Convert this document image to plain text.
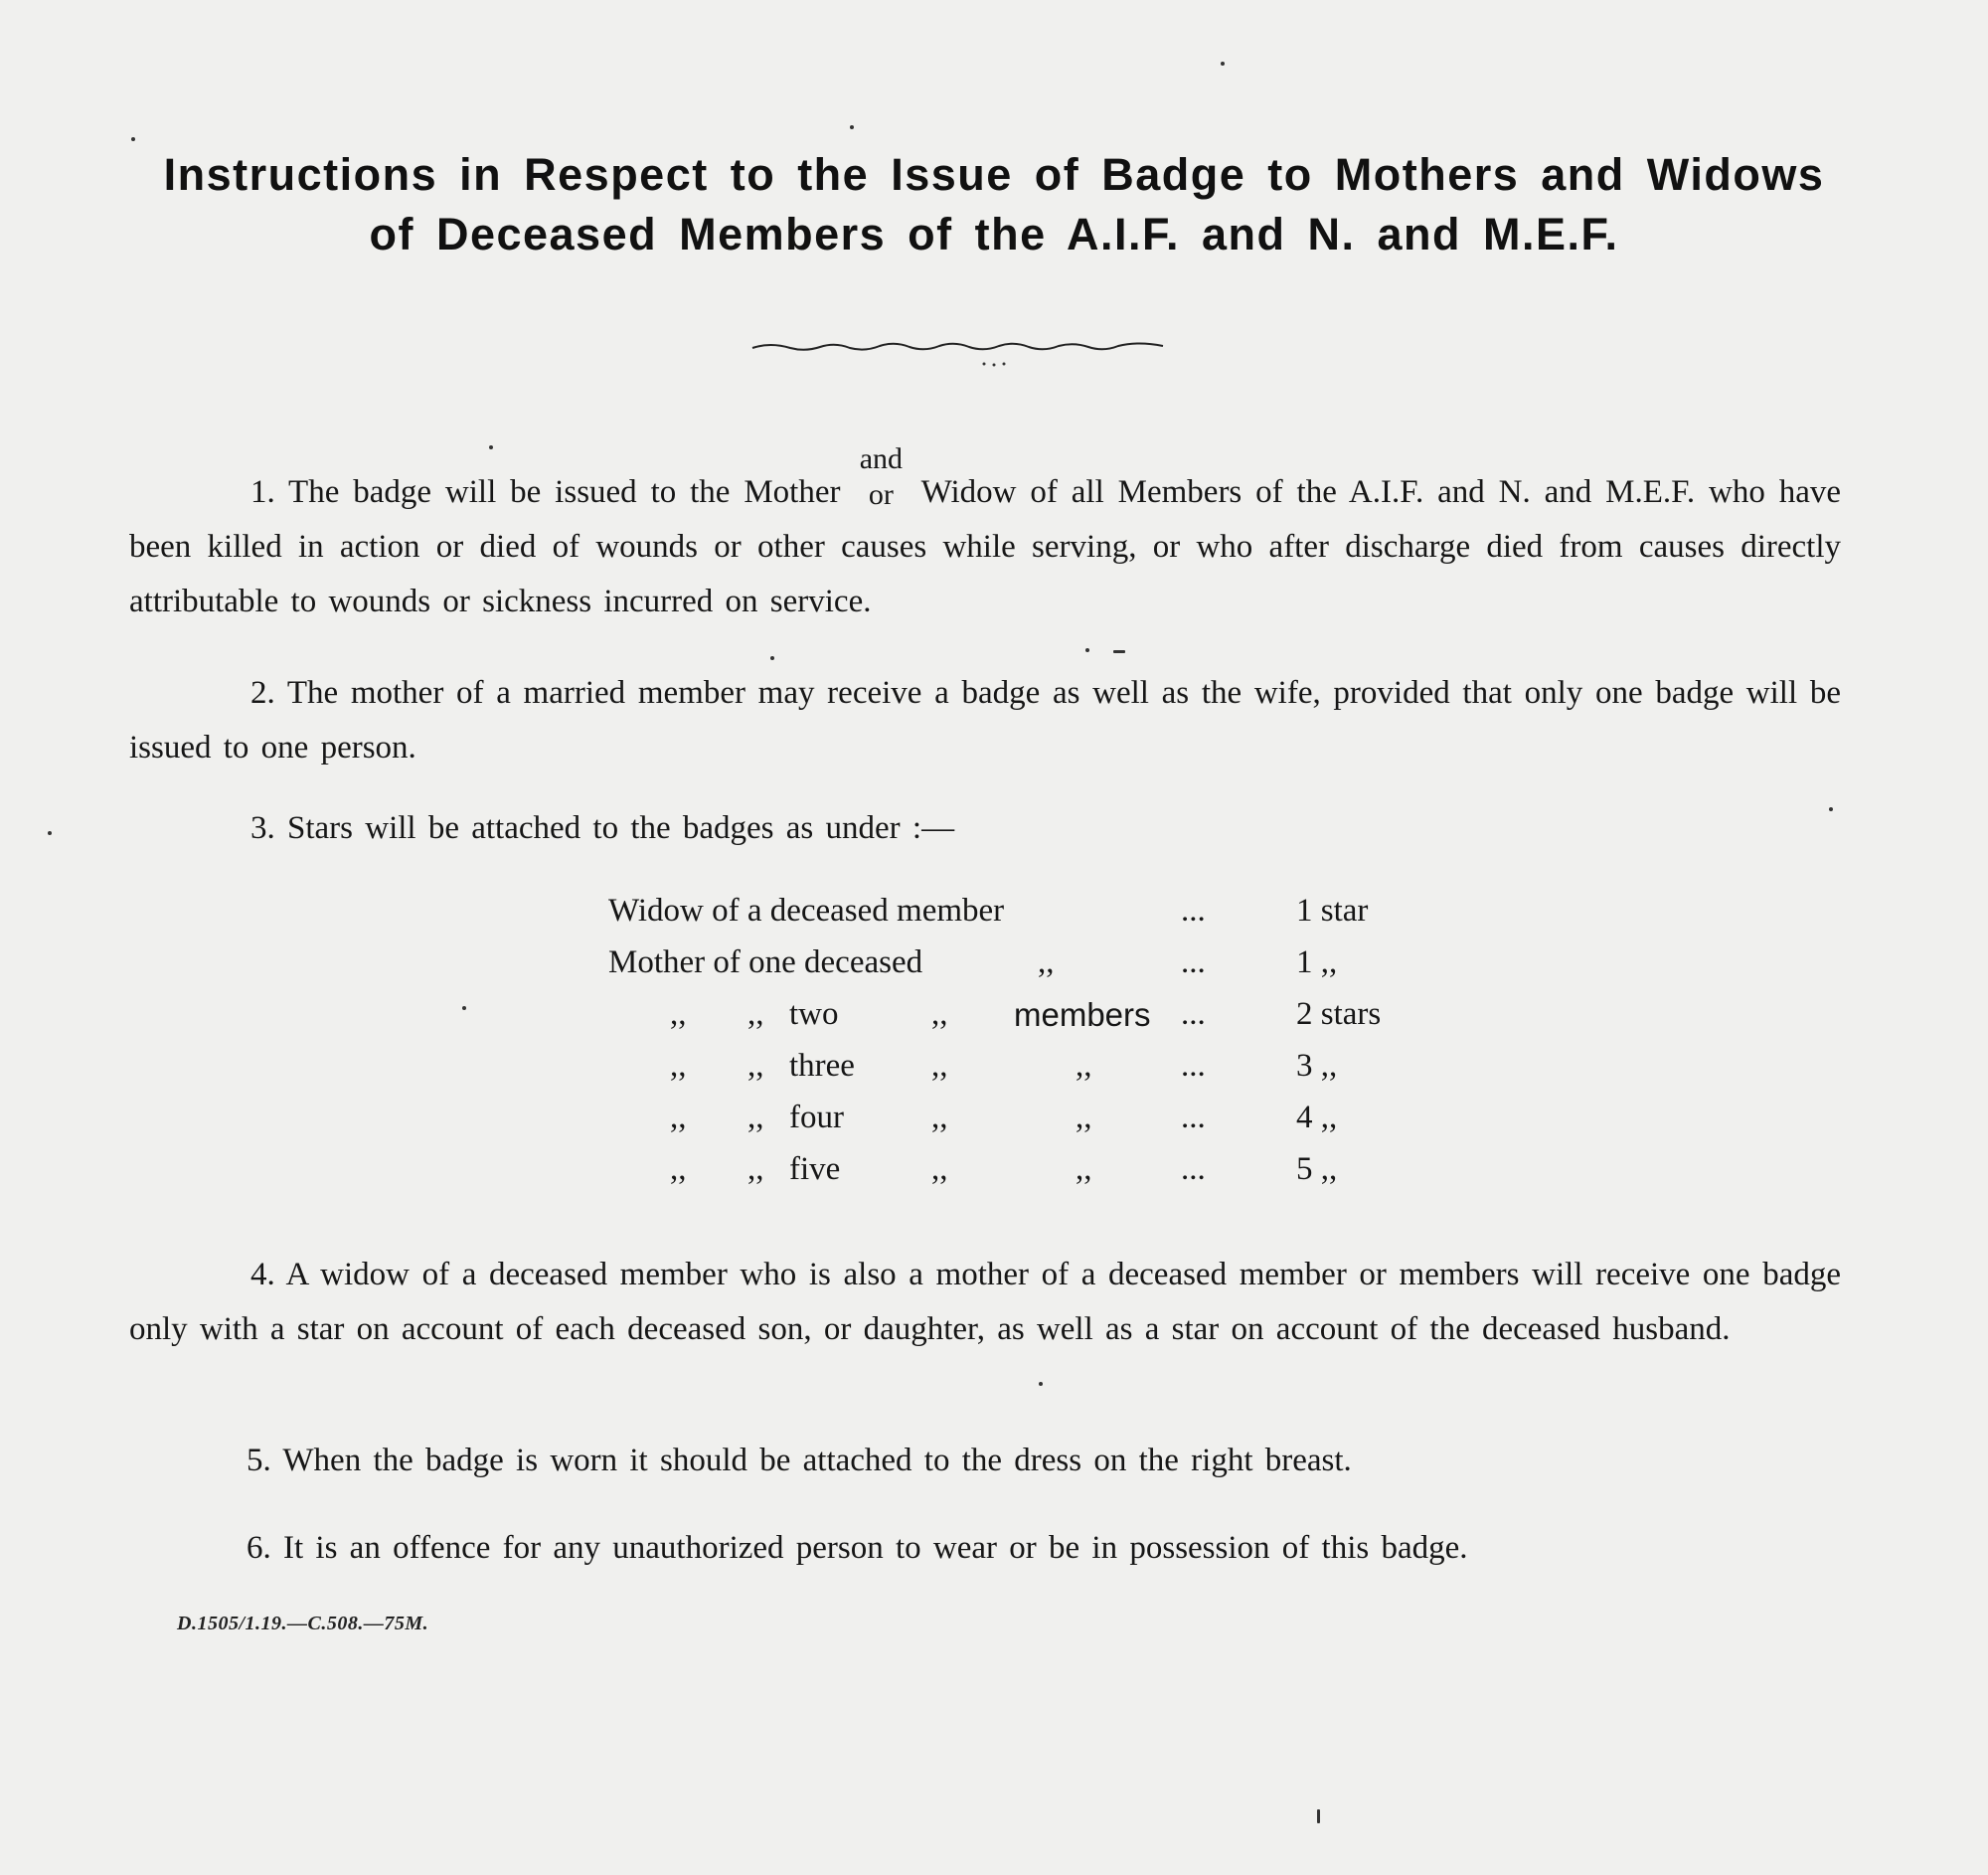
Instructions in Respect to the Issue of Badge to Mothers and Widows
of Deceased Members of the A.I.F. and N. and M.E.F.
1. The badge will be issued to the Mother
and
or Widow of all Members of the A.I.F. and N. and M.E.F. who have been killed in action or died of wounds or other causes while serving, or who after discharge died from causes directly attributable to wounds or sickness incurred on service.
2. The mother of a married member may receive a badge as well as the wife, provided that only one badge will be issued to one person.
3. Stars will be attached to the badges as under :—
Widow of a deceased member	...	1 star
Mother of one deceased	,,	...	1 ,,
,, ,, two	,, members ...	2 stars
,, ,, three ,,	,,	...	3 ,,
,, ,, four	,,	,,	...	4 ,,
,, ,, five	,,	,,	...	5 ,,
4. A widow of a deceased member who is also a mother of a deceased member or members will receive one badge only with a star on account of each deceased son, or daughter, as well as a star on account of the deceased husband.
5. When the badge is worn it should be attached to the dress on the right breast.
6. It is an offence for any unauthorized person to wear or be in possession of this badge.
D.1505/1.19.—C.508.—75M.
